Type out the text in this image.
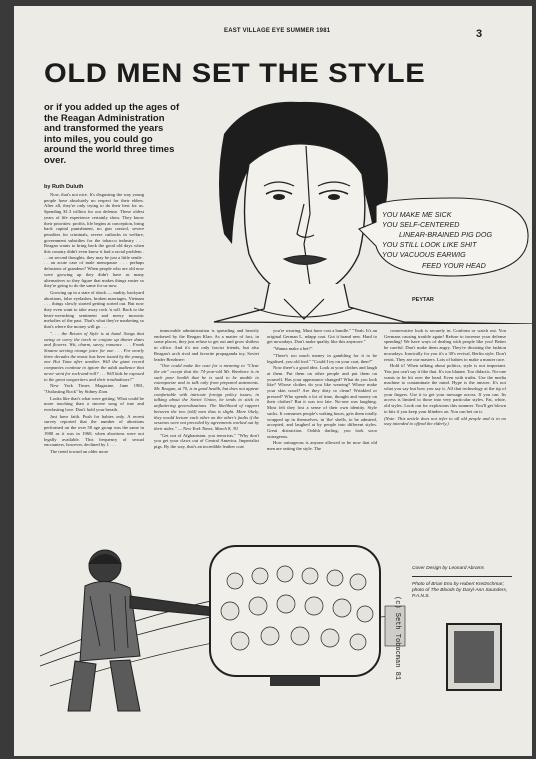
EAST VILLAGE EYE SUMMER 1981	3
OLD MEN SET THE STYLE
or if you added up the ages of the Reagan Administration and transformed the years into miles, you could go around the world three times over.
by Ruth Duluth
YOU MAKE ME SICK
YOU SELF-CENTERED
LINEAR-BRAINED PIG DOG
YOU STILL LOOK LIKE SHIT
YOU VACUOUS EARWIG
FEED YOUR HEAD
PEYTAR

Now, that's not nice. It's disgusting the way young people have absolutely no respect for their elders. After all, they're only trying to do their best for us. Spending $1.3 trillion for our defense. These oldest years of life experience certainly show. They know their priorities: profits, life begins at conception, bring back capital punishment, no gun control, severe penalties for criminals, severe cutbacks in welfare, government subsidies for the tobacco industry . . . Reagan wants to bring back the good old days when this country didn't even know it had a racial problem . . . on second thoughts, they may be just a little senile . . . an acute case of male menopause . . . perhaps delusions of grandeur? When people who are old now were growing up they didn't have as many alternatives so they figure that makes things easier so they're going to do the same for us now.

Growing up in a state of shock — nudity, backyard abortions, false eyelashes, broken marriages, Vietnam . . . things slowly started getting sorted out. But now they even want to take away rock 'n roll. Back to the heart-wrenching sentiment and merry moronic melodies of the past. That's what they're marketing so that's where the money will go . . .

". . . the Return of Style is at hand. Songs that swing or carry the torch or conjure up dinner dates and flowers. Wit, charm, savvy, romance . . . Frank Sinatra serving orange juice for one . . . For nearly three decades the music has been issued by the young, one Hot Tuna after another. Will the giant record companies continue to ignore the adult audience that never went for rock-and-roll? . . . Will kids be exposed to the great songwriters and their troubadours?"

New York Times Magazine, June 1981, "Outlasting Rock" by Sidney Zion.

Looks like that's what were getting. What could be more touching than a sincere song of true and everlasting love. Don't hold your breath.

Just have faith. Push for babies only. A recent survey reported that the number of abortions performed on the over 50 age group was the same in 1980 as it was in 1960, when abortions were not legally available. This frequency of sexual encounters, however, declined by 1 . . .

The trend toward an older more

immovable administration is spreading and heavily endorsed by the Reagan Klan. As a matter of fact, in some places, they just refuse to get out and grow shitless in office. And it's not only fascist friends, but also Reagan's arch rival and favorite propaganda toy, Soviet leader Brezhnev:

"One could make the case for a meaning to "Clear the air" except that the 74-year-old Mr. Brezhnev is in such poor health that he is said to be unable to extemporize and to talk only from prepared statements. Mr. Reagan, at 70, is in good health, but does not appear comfortable with intricate foreign policy issues; in talking about the Soviet Union, he tends to stick to unflattering generalizations. The likelihood of rapport between the two (old) men thus is slight. More likely, they would lecture each other on the other's faults if the sessions were not preceded by agreements worked out by their aides." — New York Times, March 8, '81

"Get out of Afghanistan, you terrorists." "Why don't you get your claws out of Central America, Imperialist pigs. By the way, that's an incredible leather coat

you're wearing. Must have cost a bundle." "Yeah. It's an original German L. ndapp coat. Got it brand new. Hard to get nowadays. Don't make quality like this anymore."

"Wanna make a bet?"

"There's too much money in gambling for it to be legalised, you old fool." "Could I try on your coat, then?"

Now there's a good idea. Look at your clothes and laugh at them. Put them on other people and put them on yourself. Has your appearance changed? What do you look like? Whose clothes do you like wearing? Whose make your skin crawl? Are they dirty or clean? Wrinkled or pressed? Who spends a lot of time, thought and money on their clothes? But it was too late. No-one was laughing. Most felt they lost a sense of their own identity. Style sucks. It consumes people's waking hours, gets them totally wrapped up in themselves, in 'the' shells, to be admired, accepted, and laughed at by people into different styles. Great distraction. Oohhh darling, you look sooo outrageous.

How outrageous is anyone allowed to be now that old men are setting the style. The

conservative look is securely in. Conform or watch out. You Germans causing trouble again! Refuse to increase your defense spending! We have ways of dealing with people like you! Better be careful. Don't make them angry. They're dictating the fashion nowadays. Ironically for you it's a 30's revival, Berlin style. Don't resist. They are our masters. Lots of babies to make a master race.

Hold it! When talking about politics, style is not important. You just can't say it like that. It's too blatant. Too didactic. No-one wants to be hit over the head. Even with truths. Use the media machine to contaminate the mind. Hype is the answer. It's not what you say but how you say it. All that technology at the tip of your fingers. Use it to get your message across. If you can. Its access is limited to those into very particular styles. Fat, white, old styles. Look out for explosions this summer. You'll get blown to bits if you keep your blinders on. You can bet on it.

(Note: This article does not refer to all old people and is in no way intended to offend the elderly.)

(c) Seth Tobocman 81

Cover Design by Leonard Abrams

Photo of Brian Eno by Hubert Kretzschmar; photo of The Bloods by Daryl-Ann Saunders, P.A.N.S.
